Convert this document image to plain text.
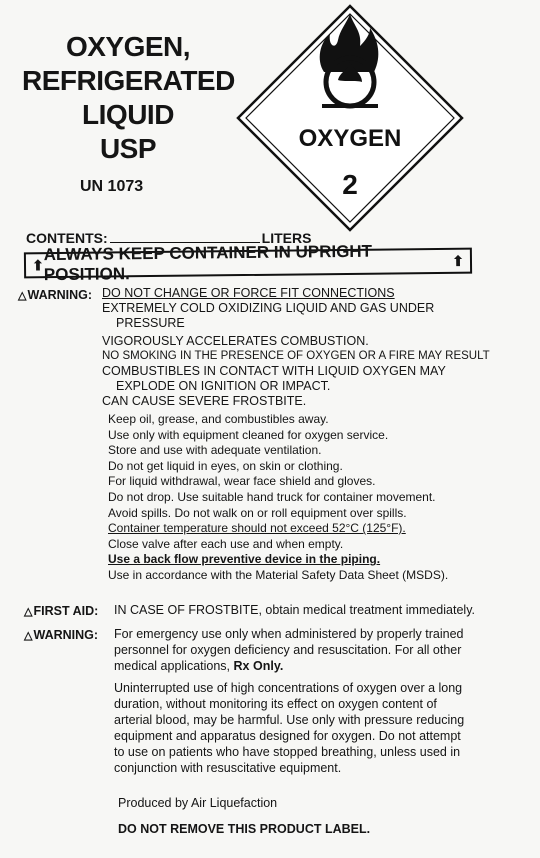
OXYGEN,
REFRIGERATED
LIQUID
USP
UN 1073
OXYGEN
2
CONTENTS:	LITERS
⬆
ALWAYS KEEP CONTAINER IN UPRIGHT POSITION.
⬆
△WARNING: DO NOT CHANGE OR FORCE FIT CONNECTIONS
EXTREMELY COLD OXIDIZING LIQUID AND GAS UNDER
PRESSURE
VIGOROUSLY ACCELERATES COMBUSTION.
NO SMOKING IN THE PRESENCE OF OXYGEN OR A FIRE MAY RESULT
COMBUSTIBLES IN CONTACT WITH LIQUID OXYGEN MAY
EXPLODE ON IGNITION OR IMPACT.
CAN CAUSE SEVERE FROSTBITE.
Keep oil, grease, and combustibles away.
Use only with equipment cleaned for oxygen service.
Store and use with adequate ventilation.
Do not get liquid in eyes, on skin or clothing.
For liquid withdrawal, wear face shield and gloves.
Do not drop. Use suitable hand truck for container movement.
Avoid spills. Do not walk on or roll equipment over spills.
Container temperature should not exceed 52°C (125°F).
Close valve after each use and when empty.
Use a back flow preventive device in the piping.
Use in accordance with the Material Safety Data Sheet (MSDS).
△FIRST AID: IN CASE OF FROSTBITE, obtain medical treatment immediately.
△WARNING: For emergency use only when administered by properly trained
personnel for oxygen deficiency and resuscitation. For all other
medical applications, Rx Only.
Uninterrupted use of high concentrations of oxygen over a long
duration, without monitoring its effect on oxygen content of
arterial blood, may be harmful. Use only with pressure reducing
equipment and apparatus designed for oxygen. Do not attempt
to use on patients who have stopped breathing, unless used in
conjunction with resuscitative equipment.
Produced by Air Liquefaction
DO NOT REMOVE THIS PRODUCT LABEL.
